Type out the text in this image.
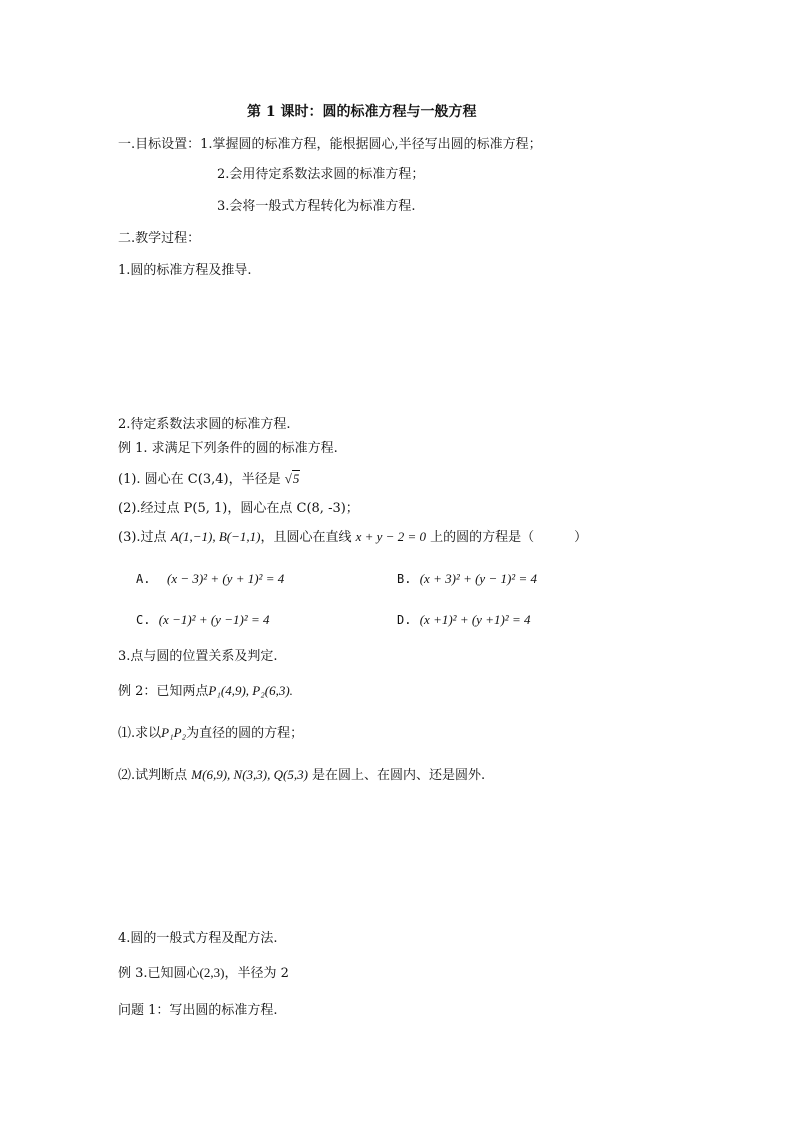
第 1 课时：圆的标准方程与一般方程
一.目标设置：1.掌握圆的标准方程，能根据圆心,半径写出圆的标准方程；
2.会用待定系数法求圆的标准方程；
3.会将一般式方程转化为标准方程.
二.教学过程：
1.圆的标准方程及推导.
2.待定系数法求圆的标准方程.
例 1. 求满足下列条件的圆的标准方程.
(1). 圆心在 C(3,4)，半径是 √5
(2).经过点 P(5, 1)，圆心在点 C(8, -3)；
(3).过点 A(1,−1), B(−1,1)，且圆心在直线 x + y − 2 = 0 上的圆的方程是（	）
A. (x − 3)² + (y + 1)² = 4	B. (x + 3)² + (y − 1)² = 4
C. (x −1)² + (y −1)² = 4	D. (x +1)² + (y +1)² = 4
3.点与圆的位置关系及判定.
例 2：已知两点P₁(4,9), P₂(6,3).
⑴.求以P₁P₂为直径的圆的方程；
⑵.试判断点 M(6,9), N(3,3), Q(5,3) 是在圆上、在圆内、还是圆外.
4.圆的一般式方程及配方法.
例 3.已知圆心(2,3)，半径为 2
问题 1：写出圆的标准方程.
